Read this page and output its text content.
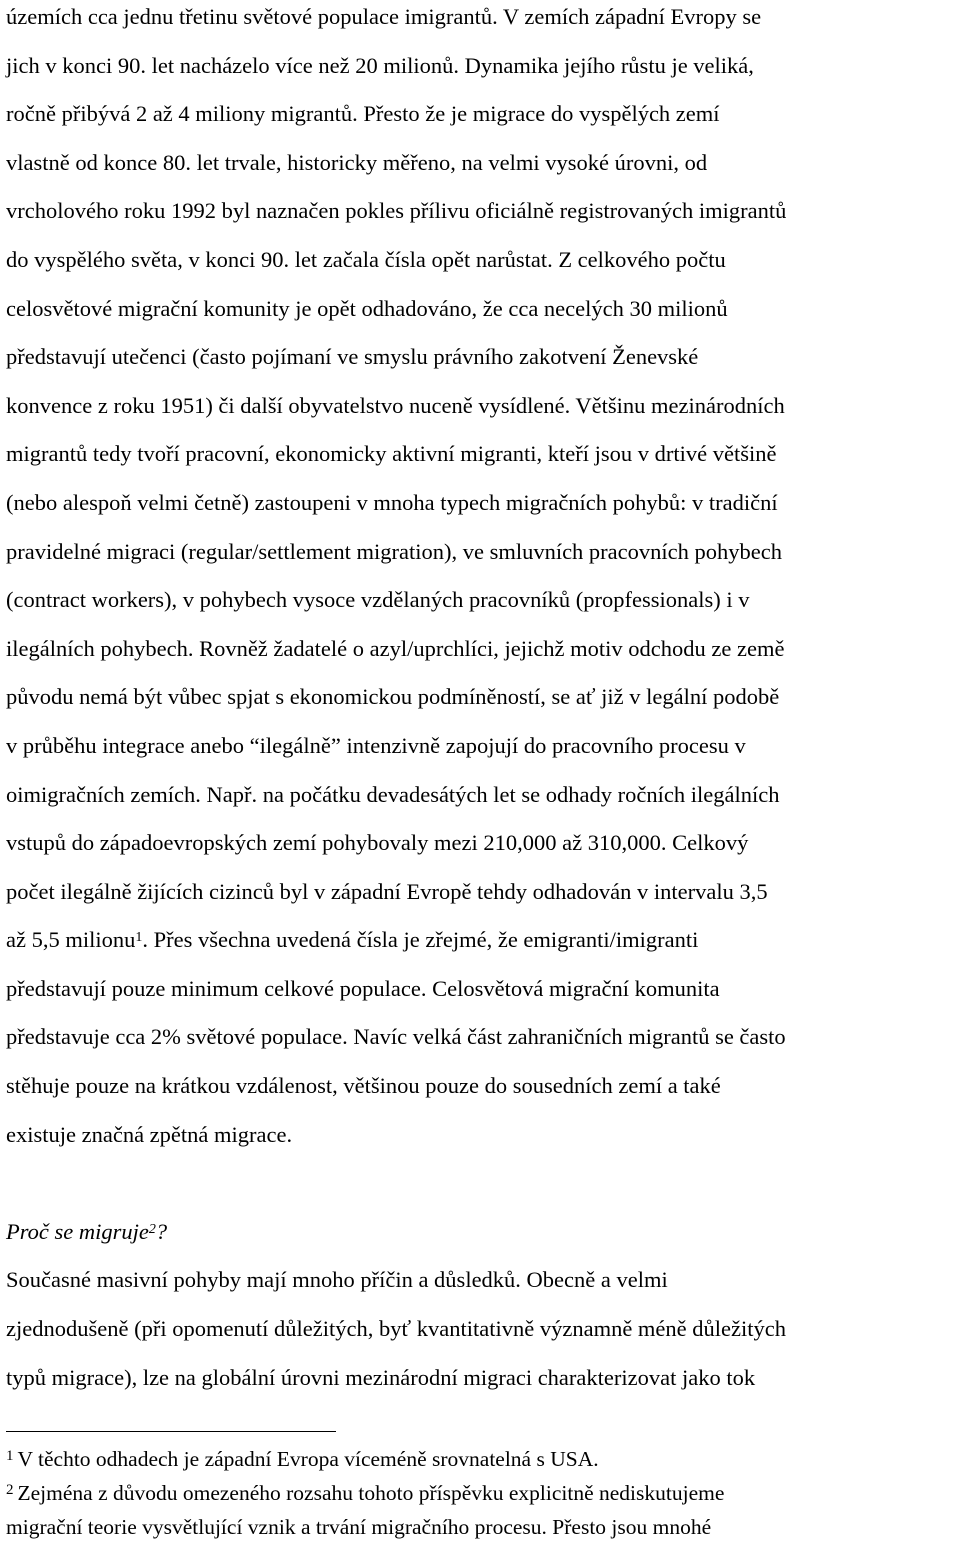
územích cca jednu třetinu světové populace imigrantů. V zemích západní Evropy se
jich v konci 90. let nacházelo více než 20 milionů. Dynamika jejího růstu je veliká,
ročně přibývá 2 až 4 miliony migrantů. Přesto že je migrace do vyspělých zemí
vlastně od konce 80. let trvale, historicky měřeno, na velmi vysoké úrovni, od
vrcholového roku 1992 byl naznačen pokles přílivu oficiálně registrovaných imigrantů
do vyspělého světa, v konci 90. let začala čísla opět narůstat. Z celkového počtu
celosvětové migrační komunity je opět odhadováno, že cca necelých 30 milionů
představují utečenci (často pojímaní ve smyslu právního zakotvení Ženevské
konvence z roku 1951) či další obyvatelstvo nuceně vysídlené. Většinu mezinárodních
migrantů tedy tvoří pracovní, ekonomicky aktivní migranti, kteří jsou v drtivé většině
(nebo alespoň velmi četně) zastoupeni v mnoha typech migračních pohybů: v tradiční
pravidelné migraci (regular/settlement migration), ve smluvních pracovních pohybech
(contract workers), v pohybech vysoce vzdělaných pracovníků (propfessionals) i v
ilegálních pohybech. Rovněž žadatelé o azyl/uprchlíci, jejichž motiv odchodu ze země
původu nemá být vůbec spjat s ekonomickou podmíněností, se ať již v legální podobě
v průběhu integrace anebo “ilegálně” intenzivně zapojují do pracovního procesu v
oimigračních zemích. Např. na počátku devadesátých let se odhady ročních ilegálních
vstupů do západoevropských zemí pohybovaly mezi 210,000 až 310,000. Celkový
počet ilegálně žijících cizinců byl v západní Evropě tehdy odhadován v intervalu 3,5
až 5,5 milionu$^1$. Přes všechna uvedená čísla je zřejmé, že emigranti/imigranti
představují pouze minimum celkové populace. Celosvětová migrační komunita
představuje cca 2% světové populace. Navíc velká část zahraničních migrantů se často
stěhuje pouze na krátkou vzdálenost, většinou pouze do sousedních zemí a také
existuje značná zpětná migrace.
Proč se migruje$^2$?
Současné masivní pohyby mají mnoho příčin a důsledků. Obecně a velmi
zjednodušeně (při opomenutí důležitých, byť kvantitativně významně méně důležitých
typů migrace), lze na globální úrovni mezinárodní migraci charakterizovat jako tok
$^1$ V těchto odhadech je západní Evropa víceméně srovnatelná s USA.
$^2$ Zejména z důvodu omezeného rozsahu tohoto příspěvku explicitně nediskutujeme
migrační teorie vysvětlující vznik a trvání migračního procesu. Přesto jsou mnohé
